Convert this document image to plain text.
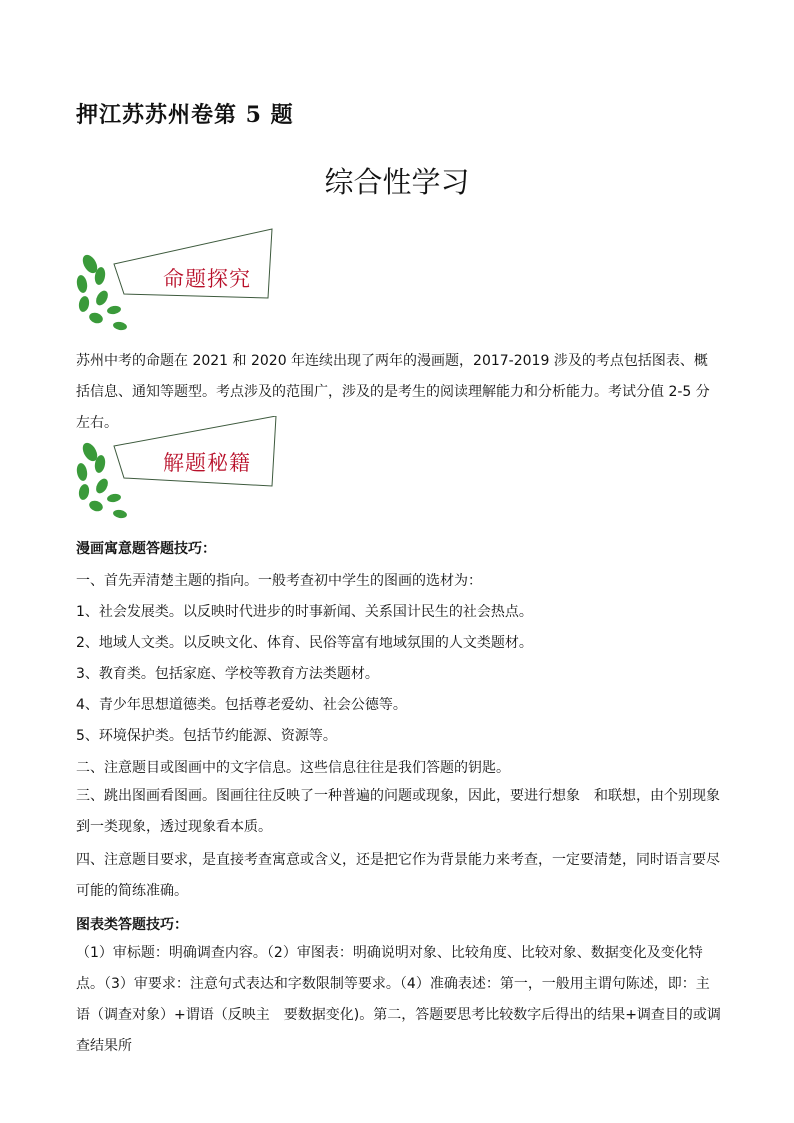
押江苏苏州卷第 5 题
综合性学习
命题探究
苏州中考的命题在 2021 和 2020 年连续出现了两年的漫画题，2017-2019 涉及的考点包括图表、概括信息、通知等题型。考点涉及的范围广，涉及的是考生的阅读理解能力和分析能力。考试分值 2-5 分左右。
解题秘籍
漫画寓意题答题技巧：
一、首先弄清楚主题的指向。一般考查初中学生的图画的选材为：
1、社会发展类。以反映时代进步的时事新闻、关系国计民生的社会热点。
2、地域人文类。以反映文化、体育、民俗等富有地域氛围的人文类题材。
3、教育类。包括家庭、学校等教育方法类题材。
4、青少年思想道德类。包括尊老爱幼、社会公德等。
5、环境保护类。包括节约能源、资源等。
二、注意题目或图画中的文字信息。这些信息往往是我们答题的钥匙。
三、跳出图画看图画。图画往往反映了一种普遍的问题或现象，因此，要进行想象　和联想，由个别现象到一类现象，透过现象看本质。
四、注意题目要求，是直接考查寓意或含义，还是把它作为背景能力来考查，一定要清楚，同时语言要尽可能的简练准确。
图表类答题技巧：
（1）审标题：明确调查内容。（2）审图表：明确说明对象、比较角度、比较对象、数据变化及变化特点。（3）审要求：注意句式表达和字数限制等要求。（4）准确表述：第一，一般用主谓句陈述，即：主语（调查对象）+谓语（反映主　要数据变化)。第二，答题要思考比较数字后得出的结果+调查目的或调查结果所
